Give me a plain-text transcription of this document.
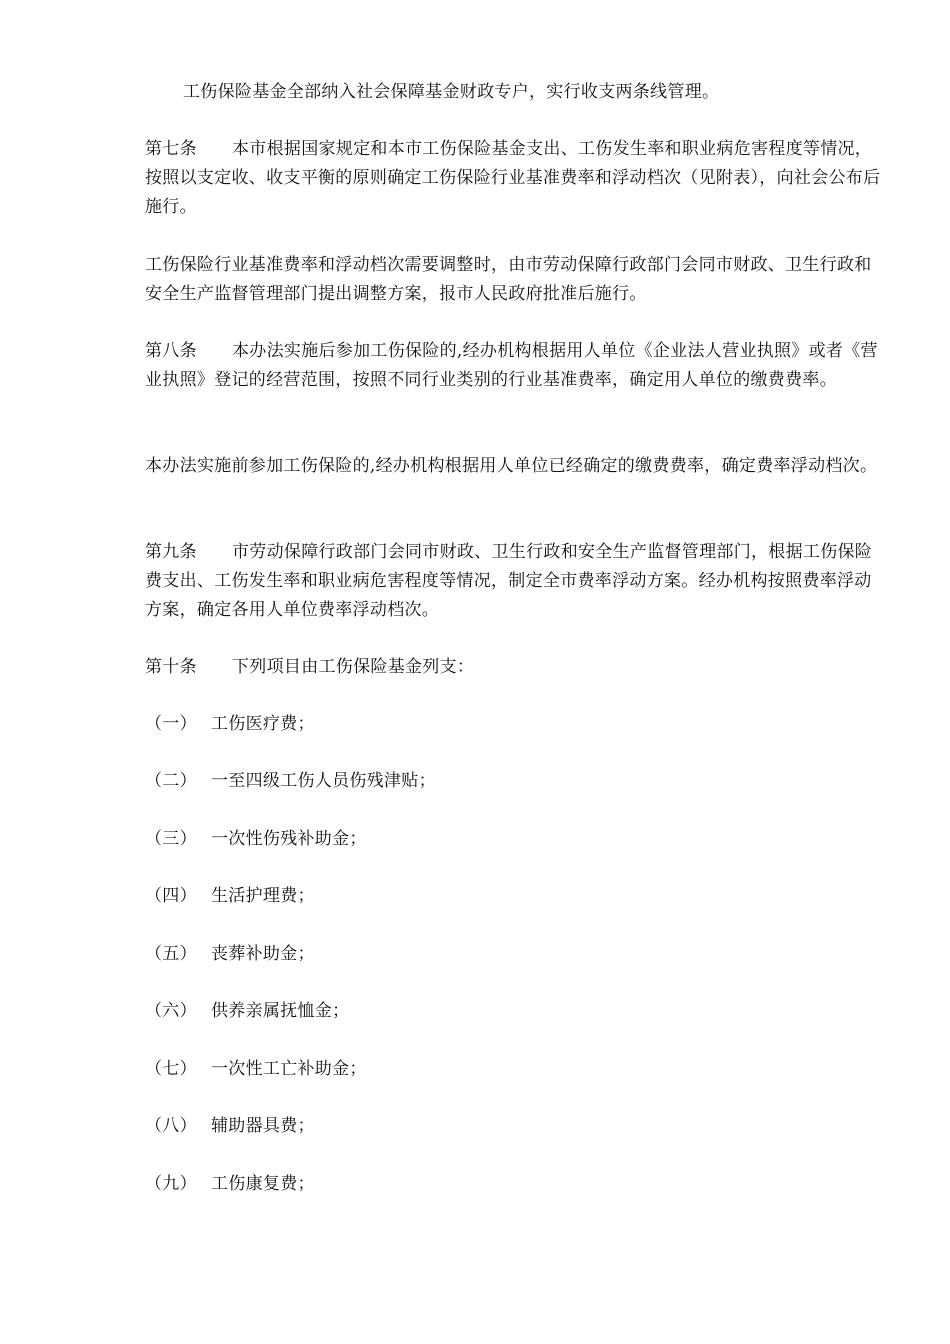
工伤保险基金全部纳入社会保障基金财政专户，实行收支两条线管理。
第七条 本市根据国家规定和本市工伤保险基金支出、工伤发生率和职业病危害程度等情况，按照以支定收、收支平衡的原则确定工伤保险行业基准费率和浮动档次（见附表），向社会公布后施行。
工伤保险行业基准费率和浮动档次需要调整时，由市劳动保障行政部门会同市财政、卫生行政和安全生产监督管理部门提出调整方案，报市人民政府批准后施行。
第八条 本办法实施后参加工伤保险的,经办机构根据用人单位《企业法人营业执照》或者《营业执照》登记的经营范围，按照不同行业类别的行业基准费率，确定用人单位的缴费费率。
本办法实施前参加工伤保险的,经办机构根据用人单位已经确定的缴费费率，确定费率浮动档次。
第九条 市劳动保障行政部门会同市财政、卫生行政和安全生产监督管理部门，根据工伤保险费支出、工伤发生率和职业病危害程度等情况，制定全市费率浮动方案。经办机构按照费率浮动方案，确定各用人单位费率浮动档次。
第十条 下列项目由工伤保险基金列支：
（一） 工伤医疗费；
（二） 一至四级工伤人员伤残津贴；
（三） 一次性伤残补助金；
（四） 生活护理费；
（五） 丧葬补助金；
（六） 供养亲属抚恤金；
（七） 一次性工亡补助金；
（八） 辅助器具费；
（九） 工伤康复费；
